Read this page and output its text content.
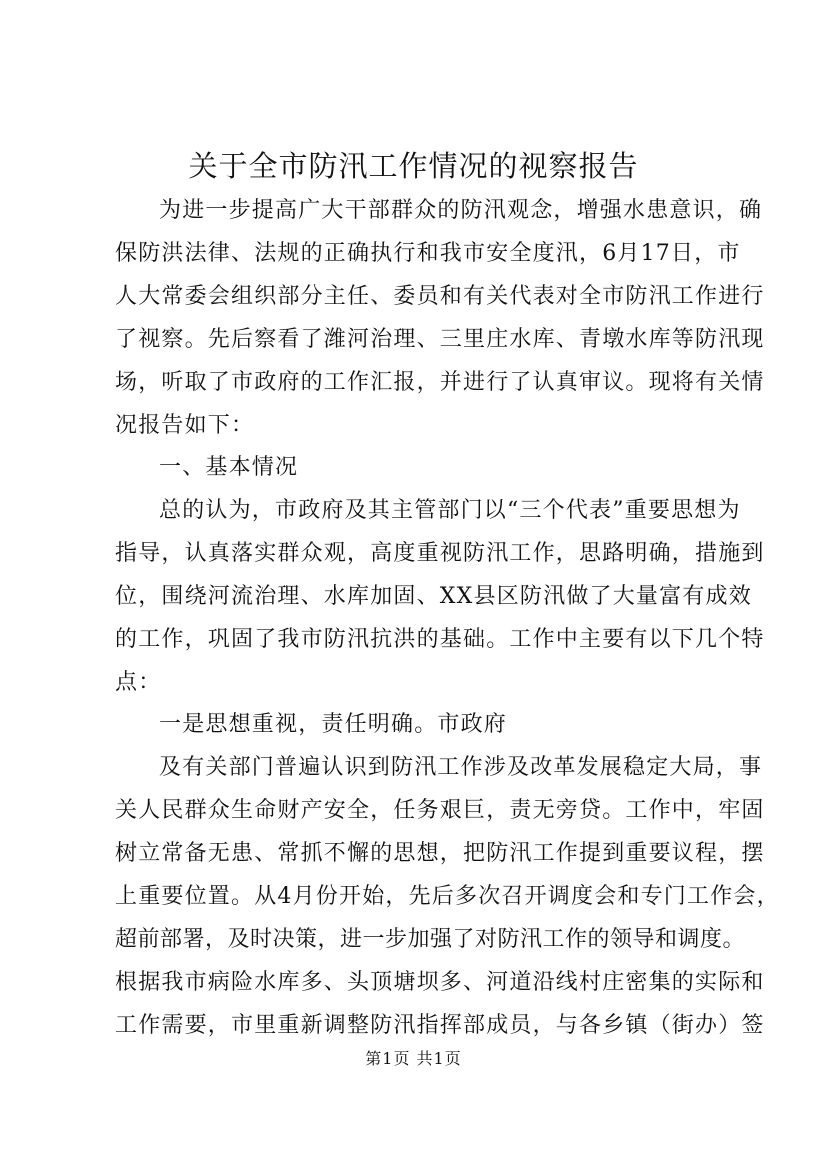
关于全市防汛工作情况的视察报告
为进一步提高广大干部群众的防汛观念，增强水患意识，确
保防洪法律、法规的正确执行和我市安全度汛，6月17日，市
人大常委会组织部分主任、委员和有关代表对全市防汛工作进行
了视察。先后察看了潍河治理、三里庄水库、青墩水库等防汛现
场，听取了市政府的工作汇报，并进行了认真审议。现将有关情
况报告如下：
一、基本情况
总的认为，市政府及其主管部门以“三个代表”重要思想为
指导，认真落实群众观，高度重视防汛工作，思路明确，措施到
位，围绕河流治理、水库加固、XX县区防汛做了大量富有成效
的工作，巩固了我市防汛抗洪的基础。工作中主要有以下几个特
点：
一是思想重视，责任明确。市政府
及有关部门普遍认识到防汛工作涉及改革发展稳定大局，事
关人民群众生命财产安全，任务艰巨，责无旁贷。工作中，牢固
树立常备无患、常抓不懈的思想，把防汛工作提到重要议程，摆
上重要位置。从4月份开始，先后多次召开调度会和专门工作会，
超前部署，及时决策，进一步加强了对防汛工作的领导和调度。
根据我市病险水库多、头顶塘坝多、河道沿线村庄密集的实际和
工作需要，市里重新调整防汛指挥部成员，与各乡镇（街办）签
第1页 共1页
